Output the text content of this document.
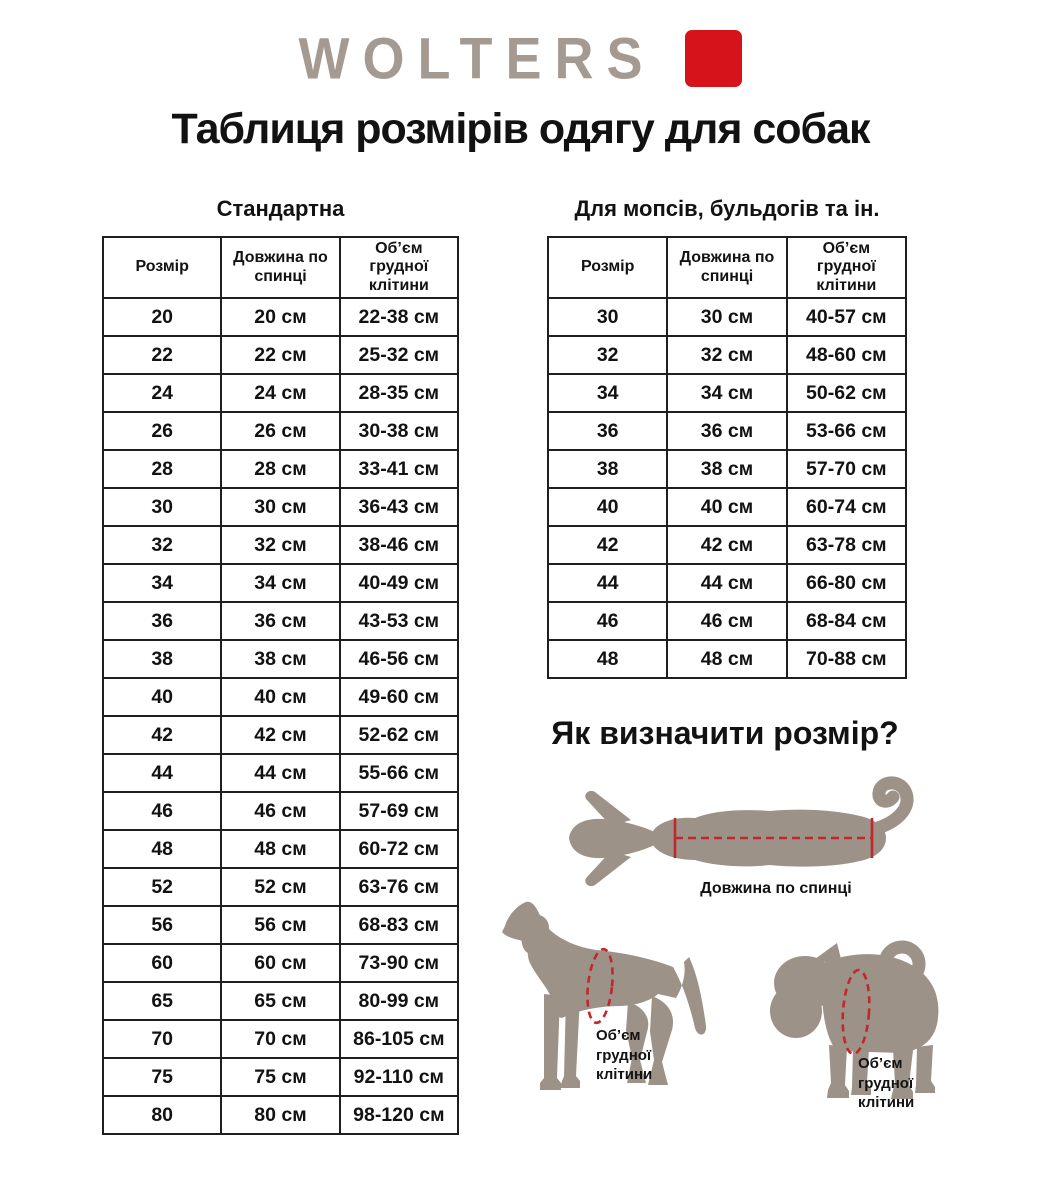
WOLTERS
Таблиця розмірів одягу для собак
Стандартна
Розмір	Довжина по спинці	Об’єм грудної клітини
20	20 см	22-38 см
22	22 см	25-32 см
24	24 см	28-35 см
26	26 см	30-38 см
28	28 см	33-41 см
30	30 см	36-43 см
32	32 см	38-46 см
34	34 см	40-49 см
36	36 см	43-53 см
38	38 см	46-56 см
40	40 см	49-60 см
42	42 см	52-62 см
44	44 см	55-66 см
46	46 см	57-69 см
48	48 см	60-72 см
52	52 см	63-76 см
56	56 см	68-83 см
60	60 см	73-90 см
65	65 см	80-99 см
70	70 см	86-105 см
75	75 см	92-110 см
80	80 см	98-120 см
Для мопсів, бульдогів та ін.
Розмір	Довжина по спинці	Об’єм грудної клітини
30	30 см	40-57 см
32	32 см	48-60 см
34	34 см	50-62 см
36	36 см	53-66 см
38	38 см	57-70 см
40	40 см	60-74 см
42	42 см	63-78 см
44	44 см	66-80 см
46	46 см	68-84 см
48	48 см	70-88 см
Як визначити розмір?
Довжина по спинці
Об’єм грудної клітини
Об’єм грудної клітини
